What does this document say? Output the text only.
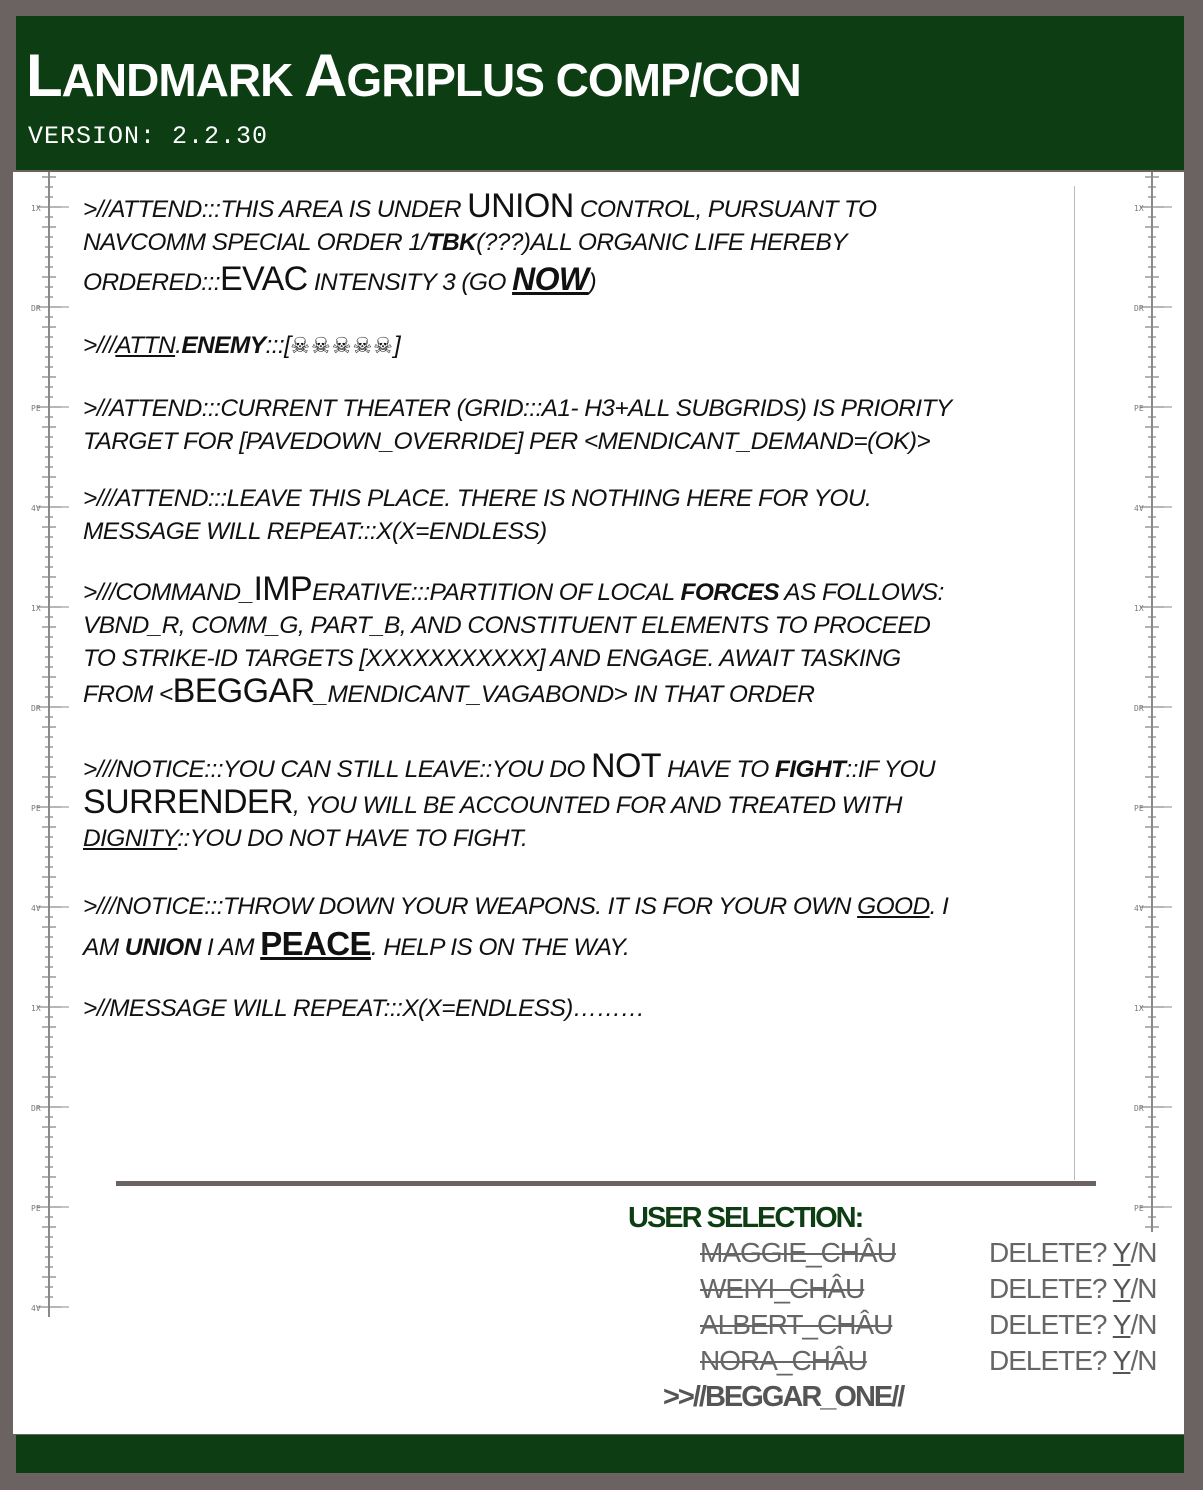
LANDMARK AGRIPLUS COMP/CON
VERSION: 2.2.30
1X
DR
PE
4V
1X
DR
PE
4V
1X
DR
PE
4V
1X
DR
PE
4V
1X
DR
PE
4V
1X
DR
PE
>//ATTEND:::THIS AREA IS UNDER UNION CONTROL, PURSUANT TO
NAVCOMM SPECIAL ORDER 1/TBK(???)ALL ORGANIC LIFE HEREBY
ORDERED:::EVAC INTENSITY 3 (GO NOW)
>///ATTN.ENEMY:::[☠☠☠☠☠]
>//ATTEND:::CURRENT THEATER (GRID:::A1- H3+ALL SUBGRIDS) IS PRIORITY
TARGET FOR [PAVEDOWN_OVERRIDE] PER <MENDICANT_DEMAND=(OK)>
>///ATTEND:::LEAVE THIS PLACE. THERE IS NOTHING HERE FOR YOU.
MESSAGE WILL REPEAT:::X(X=ENDLESS)
>///COMMAND_IMPERATIVE:::PARTITION OF LOCAL FORCES AS FOLLOWS:
VBND_R, COMM_G, PART_B, AND CONSTITUENT ELEMENTS TO PROCEED
TO STRIKE-ID TARGETS [XXXXXXXXXXX] AND ENGAGE. AWAIT TASKING
FROM <BEGGAR_MENDICANT_VAGABOND> IN THAT ORDER
>///NOTICE:::YOU CAN STILL LEAVE::YOU DO NOT HAVE TO FIGHT::IF YOU
SURRENDER, YOU WILL BE ACCOUNTED FOR AND TREATED WITH
DIGNITY::YOU DO NOT HAVE TO FIGHT.
>///NOTICE:::THROW DOWN YOUR WEAPONS. IT IS FOR YOUR OWN GOOD. I
AM UNION I AM PEACE. HELP IS ON THE WAY.
>//MESSAGE WILL REPEAT:::X(X=ENDLESS)………
USER SELECTION:
MAGGIE_CHÂU	DELETE? Y/N
WEIYI_CHÂU	DELETE? Y/N
ALBERT_CHÂU	DELETE? Y/N
NORA_CHÂU	DELETE? Y/N
>>//BEGGAR_ONE//
